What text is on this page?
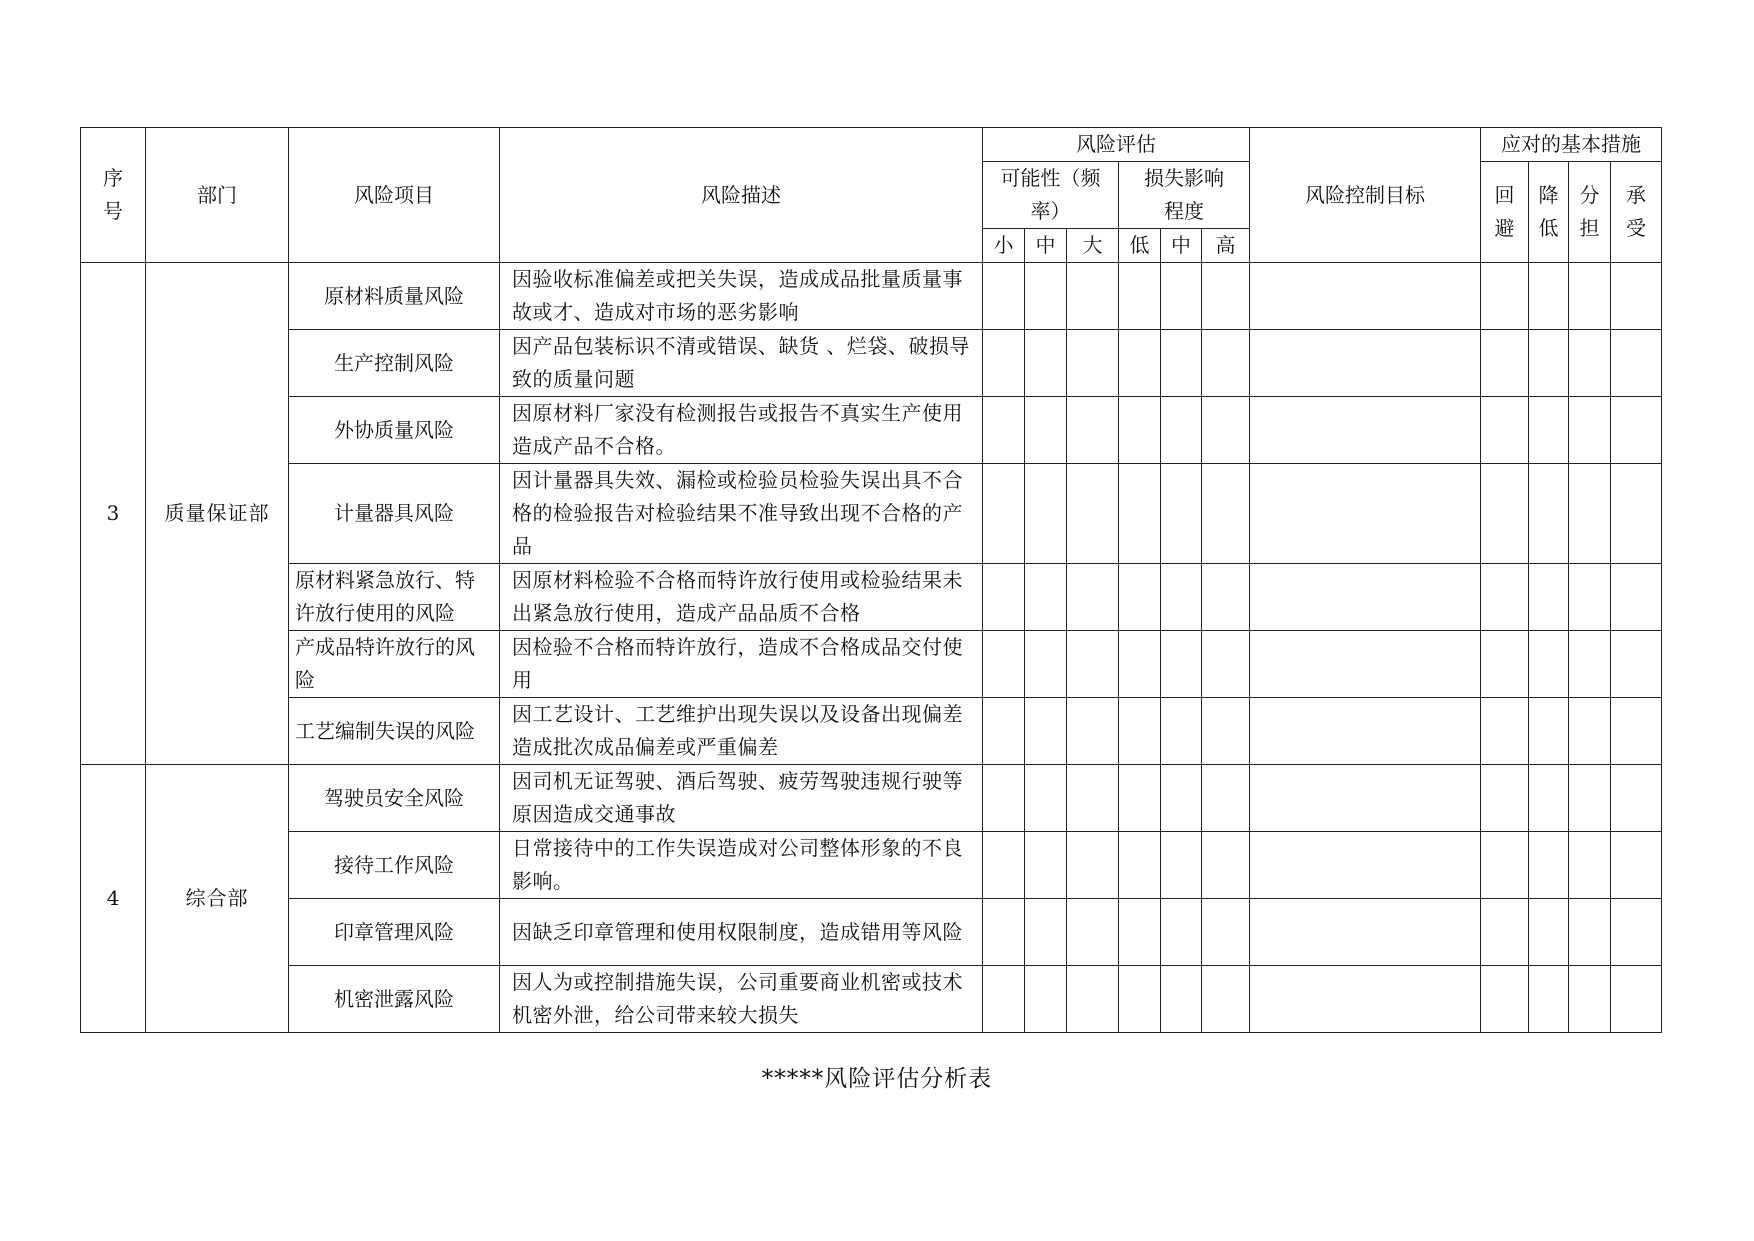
序号	部门	风险项目	风险描述	风险评估						风险控制目标	应对的基本措施			
				可能性（频率）			损失影响程度				回避	降低	分担	承受
				小	中	大	低	中	高					
3	质量保证部	原材料质量风险	因验收标准偏差或把关失误，造成成品批量质量事故或才、造成对市场的恶劣影响											
		生产控制风险	因产品包装标识不清或错误、缺货 、烂袋、破损导致的质量问题											
		外协质量风险	因原材料厂家没有检测报告或报告不真实生产使用造成产品不合格。											
		计量器具风险	因计量器具失效、漏检或检验员检验失误出具不合格的检验报告对检验结果不准导致出现不合格的产品											
		原材料紧急放行、特许放行使用的风险	因原材料检验不合格而特许放行使用或检验结果未出紧急放行使用，造成产品品质不合格											
		产成品特许放行的风险	因检验不合格而特许放行，造成不合格成品交付使用											
		工艺编制失误的风险	因工艺设计、工艺维护出现失误以及设备出现偏差造成批次成品偏差或严重偏差											
4	综合部	驾驶员安全风险	因司机无证驾驶、酒后驾驶、疲劳驾驶违规行驶等原因造成交通事故											
		接待工作风险	日常接待中的工作失误造成对公司整体形象的不良影响。											
		印章管理风险	因缺乏印章管理和使用权限制度，造成错用等风险											
		机密泄露风险	因人为或控制措施失误，公司重要商业机密或技术机密外泄，给公司带来较大损失											
*****风险评估分析表
